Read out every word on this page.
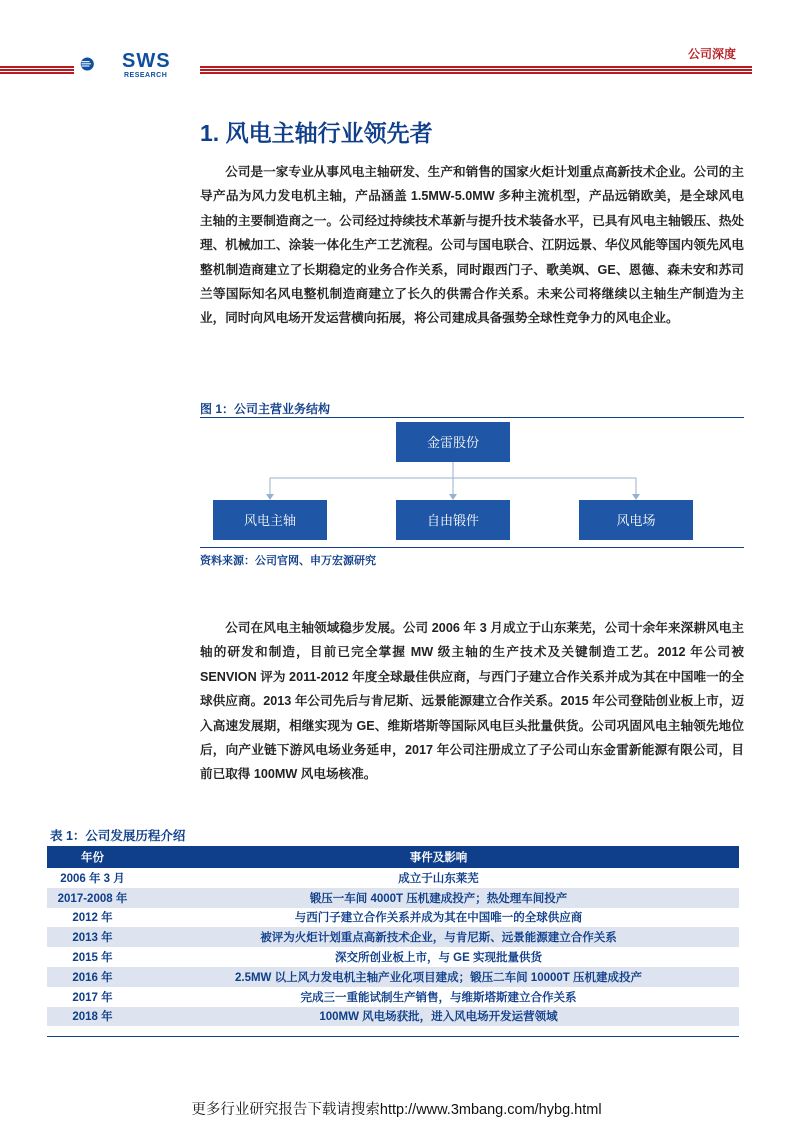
SWS
RESEARCH
公司深度
1. 风电主轴行业领先者

公司是一家专业从事风电主轴研发、生产和销售的国家火炬计划重点高新技术企业。公司的主导产品为风力发电机主轴，产品涵盖 1.5MW-5.0MW 多种主流机型，产品远销欧美，是全球风电主轴的主要制造商之一。公司经过持续技术革新与提升技术装备水平，已具有风电主轴锻压、热处理、机械加工、涂装一体化生产工艺流程。公司与国电联合、江阴远景、华仪风能等国内领先风电整机制造商建立了长期稳定的业务合作关系，同时跟西门子、歌美飒、GE、恩德、森未安和苏司兰等国际知名风电整机制造商建立了长久的供需合作关系。未来公司将继续以主轴生产制造为主业，同时向风电场开发运营横向拓展，将公司建成具备强势全球性竞争力的风电企业。

图 1：公司主营业务结构
金雷股份
风电主轴	自由锻件	风电场
资料来源：公司官网、申万宏源研究

公司在风电主轴领域稳步发展。公司 2006 年 3 月成立于山东莱芜，公司十余年来深耕风电主轴的研发和制造，目前已完全掌握 MW 级主轴的生产技术及关键制造工艺。2012 年公司被 SENVION 评为 2011-2012 年度全球最佳供应商，与西门子建立合作关系并成为其在中国唯一的全球供应商。2013 年公司先后与肯尼斯、远景能源建立合作关系。2015 年公司登陆创业板上市，迈入高速发展期，相继实现为 GE、维斯塔斯等国际风电巨头批量供货。公司巩固风电主轴领先地位后，向产业链下游风电场业务延申，2017 年公司注册成立了子公司山东金雷新能源有限公司，目前已取得 100MW 风电场核准。

表 1：公司发展历程介绍
年份	事件及影响
2006 年 3 月	成立于山东莱芜
2017-2008 年	锻压一车间 4000T 压机建成投产；热处理车间投产
2012 年	与西门子建立合作关系并成为其在中国唯一的全球供应商
2013 年	被评为火炬计划重点高新技术企业，与肯尼斯、远景能源建立合作关系
2015 年	深交所创业板上市，与 GE 实现批量供货
2016 年	2.5MW 以上风力发电机主轴产业化项目建成；锻压二车间 10000T 压机建成投产
2017 年	完成三一重能试制生产销售，与维斯塔斯建立合作关系
2018 年	100MW 风电场获批，进入风电场开发运营领域
更多行业研究报告下载请搜索http://www.3mbang.com/hybg.html
